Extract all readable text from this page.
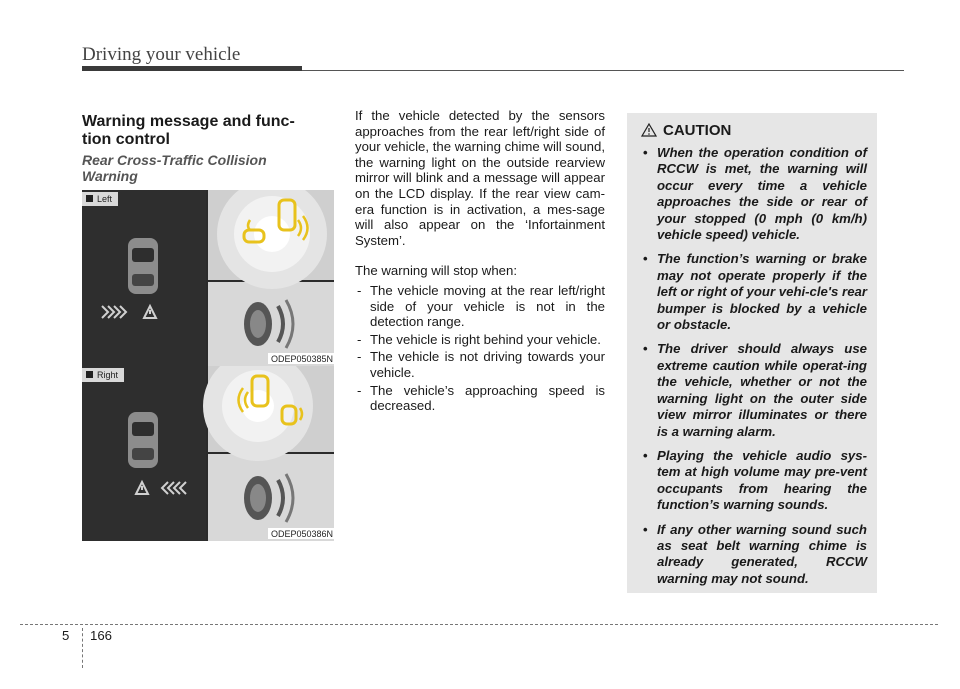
Driving your vehicle
Warning message and func-
tion control
Rear Cross-Traffic Collision
Warning
Left
ODEP050385N
Right
ODEP050386N

If the vehicle detected by the sensors approaches from the rear left/right side of your vehicle, the warning chime will sound, the warning light on the outside rearview mirror will blink and a message will appear on the LCD display. If the rear view cam-era function is in activation, a mes-sage will also appear on the ‘Infortainment System’.

The warning will stop when:

- The vehicle moving at the rear left/right side of your vehicle is not in the detection range.
- The vehicle is right behind your vehicle.
- The vehicle is not driving towards your vehicle.
- The vehicle’s approaching speed is decreased.
CAUTION
• When the operation condition of RCCW is met, the warning will occur every time a vehicle approaches the side or rear of your stopped (0 mph (0 km/h) vehicle speed) vehicle.
• The function’s warning or brake may not operate properly if the left or right of your vehi-cle's rear bumper is blocked by a vehicle or obstacle.
• The driver should always use extreme caution while operat-ing the vehicle, whether or not the warning light on the outer side view mirror illuminates or there is a warning alarm.
• Playing the vehicle audio sys-tem at high volume may pre-vent occupants from hearing the function’s warning sounds.
• If any other warning sound such as seat belt warning chime is already generated, RCCW warning may not sound.
5 166
